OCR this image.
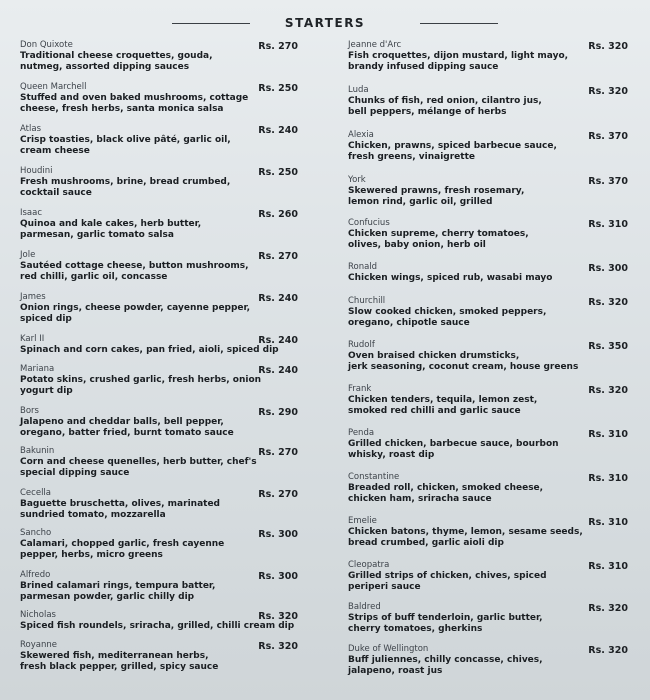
STARTERS
Don Quixote	Rs. 270
Traditional cheese croquettes, gouda,
nutmeg, assorted dipping sauces
Queen Marchell	Rs. 250
Stuffed and oven baked mushrooms, cottage
cheese, fresh herbs, santa monica salsa
Atlas	Rs. 240
Crisp toasties, black olive pâté, garlic oil,
cream cheese
Houdini	Rs. 250
Fresh mushrooms, brine, bread crumbed,
cocktail sauce
Isaac	Rs. 260
Quinoa and kale cakes, herb butter,
parmesan, garlic tomato salsa
Jole	Rs. 270
Sautéed cottage cheese, button mushrooms,
red chilli, garlic oil, concasse
James	Rs. 240
Onion rings, cheese powder, cayenne pepper,
spiced dip
Karl II	Rs. 240
Spinach and corn cakes, pan fried, aioli, spiced dip
Mariana	Rs. 240
Potato skins, crushed garlic, fresh herbs, onion
yogurt dip
Bors	Rs. 290
Jalapeno and cheddar balls, bell pepper,
oregano, batter fried, burnt tomato sauce
Bakunin	Rs. 270
Corn and cheese quenelles, herb butter, chef's
special dipping sauce
Cecella	Rs. 270
Baguette bruschetta, olives, marinated
sundried tomato, mozzarella
Sancho	Rs. 300
Calamari, chopped garlic, fresh cayenne
pepper, herbs, micro greens
Alfredo	Rs. 300
Brined calamari rings, tempura batter,
parmesan powder, garlic chilly dip
Nicholas	Rs. 320
Spiced fish roundels, sriracha, grilled, chilli cream dip
Royanne	Rs. 320
Skewered fish, mediterranean herbs,
fresh black pepper, grilled, spicy sauce
Jeanne d'Arc	Rs. 320
Fish croquettes, dijon mustard, light mayo,
brandy infused dipping sauce
Luda	Rs. 320
Chunks of fish, red onion, cilantro jus,
bell peppers, mélange of herbs
Alexia	Rs. 370
Chicken, prawns, spiced barbecue sauce,
fresh greens, vinaigrette
York	Rs. 370
Skewered prawns, fresh rosemary,
lemon rind, garlic oil, grilled
Confucius	Rs. 310
Chicken supreme, cherry tomatoes,
olives, baby onion, herb oil
Ronald	Rs. 300
Chicken wings, spiced rub, wasabi mayo
Churchill	Rs. 320
Slow cooked chicken, smoked peppers,
oregano, chipotle sauce
Rudolf	Rs. 350
Oven braised chicken drumsticks,
jerk seasoning, coconut cream, house greens
Frank	Rs. 320
Chicken tenders, tequila, lemon zest,
smoked red chilli and garlic sauce
Penda	Rs. 310
Grilled chicken, barbecue sauce, bourbon
whisky, roast dip
Constantine	Rs. 310
Breaded roll, chicken, smoked cheese,
chicken ham, sriracha sauce
Emelie	Rs. 310
Chicken batons, thyme, lemon, sesame seeds,
bread crumbed, garlic aioli dip
Cleopatra	Rs. 310
Grilled strips of chicken, chives, spiced
periperi sauce
Baldred	Rs. 320
Strips of buff tenderloin, garlic butter,
cherry tomatoes, gherkins
Duke of Wellington	Rs. 320
Buff juliennes, chilly concasse, chives,
jalapeno, roast jus
